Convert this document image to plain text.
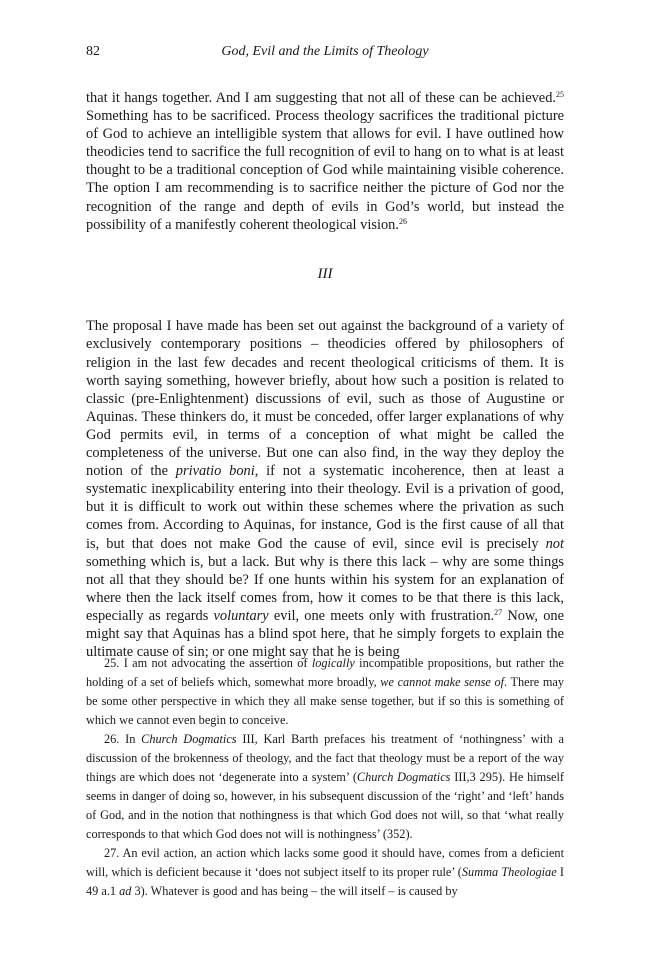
82	God, Evil and the Limits of Theology

that it hangs together. And I am suggesting that not all of these can be achieved.$^{25}$ Something has to be sacrificed. Process theology sacrifices the traditional picture of God to achieve an intelligible system that allows for evil. I have outlined how theodicies tend to sacrifice the full recognition of evil to hang on to what is at least thought to be a traditional conception of God while maintaining visible coherence. The option I am recommending is to sacrifice neither the picture of God nor the recognition of the range and depth of evils in God’s world, but instead the possibility of a manifestly coherent theological vision.$^{26}$

III

The proposal I have made has been set out against the background of a variety of exclusively contemporary positions – theodicies offered by philosophers of religion in the last few decades and recent theological criticisms of them. It is worth saying something, however briefly, about how such a position is related to classic (pre-Enlightenment) discussions of evil, such as those of Augustine or Aquinas. These thinkers do, it must be conceded, offer larger explanations of why God permits evil, in terms of a conception of what might be called the completeness of the universe. But one can also find, in the way they deploy the notion of the privatio boni, if not a systematic incoherence, then at least a systematic inexplicability entering into their theology. Evil is a privation of good, but it is difficult to work out within these schemes where the privation as such comes from. According to Aquinas, for instance, God is the first cause of all that is, but that does not make God the cause of evil, since evil is precisely not something which is, but a lack. But why is there this lack – why are some things not all that they should be? If one hunts within his system for an explanation of where then the lack itself comes from, how it comes to be that there is this lack, especially as regards voluntary evil, one meets only with frustration.$^{27}$ Now, one might say that Aquinas has a blind spot here, that he simply forgets to explain the ultimate cause of sin; or one might say that he is being

25. I am not advocating the assertion of logically incompatible propositions, but rather the holding of a set of beliefs which, somewhat more broadly, we cannot make sense of. There may be some other perspective in which they all make sense together, but if so this is something of which we cannot even begin to conceive.

26. In Church Dogmatics III, Karl Barth prefaces his treatment of ‘nothingness’ with a discussion of the brokenness of theology, and the fact that theology must be a report of the way things are which does not ‘degenerate into a system’ (Church Dogmatics III,3 295). He himself seems in danger of doing so, however, in his subsequent discussion of the ‘right’ and ‘left’ hands of God, and in the notion that nothingness is that which God does not will, so that ‘what really corresponds to that which God does not will is nothingness’ (352).

27. An evil action, an action which lacks some good it should have, comes from a deficient will, which is deficient because it ‘does not subject itself to its proper rule’ (Summa Theologiae I 49 a.1 ad 3). Whatever is good and has being – the will itself – is caused by
